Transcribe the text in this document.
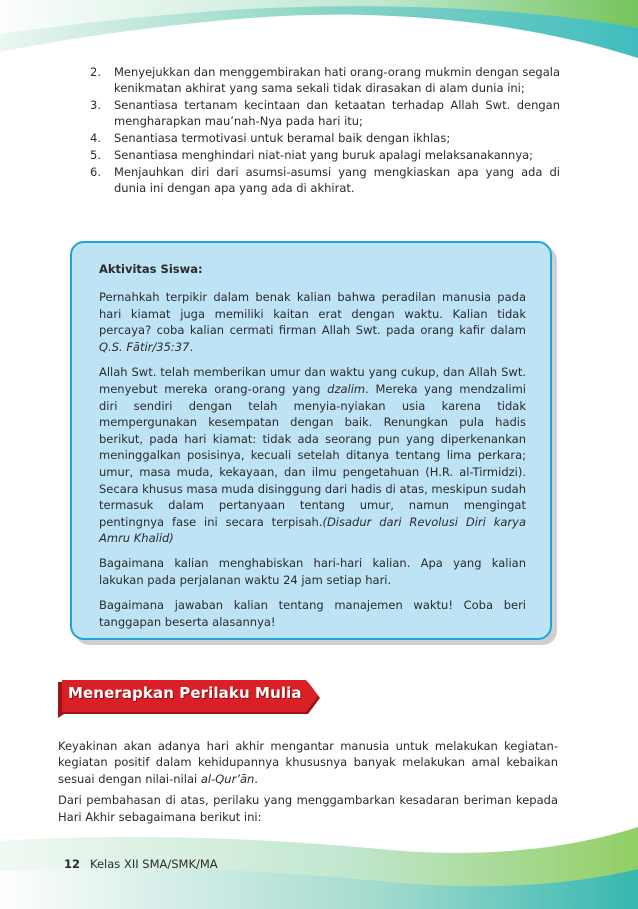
2. Menyejukkan dan menggembirakan hati orang-orang mukmin dengan segala kenikmatan akhirat yang sama sekali tidak dirasakan di alam dunia ini;
3. Senantiasa tertanam kecintaan dan ketaatan terhadap Allah Swt. dengan mengharapkan mau’nah-Nya pada hari itu;
4. Senantiasa termotivasi untuk beramal baik dengan ikhlas;
5. Senantiasa menghindari niat-niat yang buruk apalagi melaksanakannya;
6. Menjauhkan diri dari asumsi-asumsi yang mengkiaskan apa yang ada di dunia ini dengan apa yang ada di akhirat.
Aktivitas Siswa:

Pernahkah terpikir dalam benak kalian bahwa peradilan manusia pada hari kiamat juga memiliki kaitan erat dengan waktu. Kalian tidak percaya? coba kalian cermati firman Allah Swt. pada orang kafir dalam Q.S. Fātir/35:37.

Allah Swt. telah memberikan umur dan waktu yang cukup, dan Allah Swt. menyebut mereka orang-orang yang dzalim. Mereka yang mendzalimi diri sendiri dengan telah menyia-nyiakan usia karena tidak mempergunakan kesempatan dengan baik. Renungkan pula hadis berikut, pada hari kiamat: tidak ada seorang pun yang diperkenankan meninggalkan posisinya, kecuali setelah ditanya tentang lima perkara; umur, masa muda, kekayaan, dan ilmu pengetahuan (H.R. al-Tirmidzi). Secara khusus masa muda disinggung dari hadis di atas, meskipun sudah termasuk dalam pertanyaan tentang umur, namun mengingat pentingnya fase ini secara terpisah.(Disadur dari Revolusi Diri karya Amru Khalid)

Bagaimana kalian menghabiskan hari-hari kalian. Apa yang kalian lakukan pada perjalanan waktu 24 jam setiap hari.

Bagaimana jawaban kalian tentang manajemen waktu! Coba beri tanggapan beserta alasannya!

Menerapkan Perilaku Mulia

Keyakinan akan adanya hari akhir mengantar manusia untuk melakukan kegiatan-kegiatan positif dalam kehidupannya khususnya banyak melakukan amal kebaikan sesuai dengan nilai-nilai al-Qur’ān.

Dari pembahasan di atas, perilaku yang menggambarkan kesadaran beriman kepada Hari Akhir sebagaimana berikut ini:

12 Kelas XII SMA/SMK/MA
